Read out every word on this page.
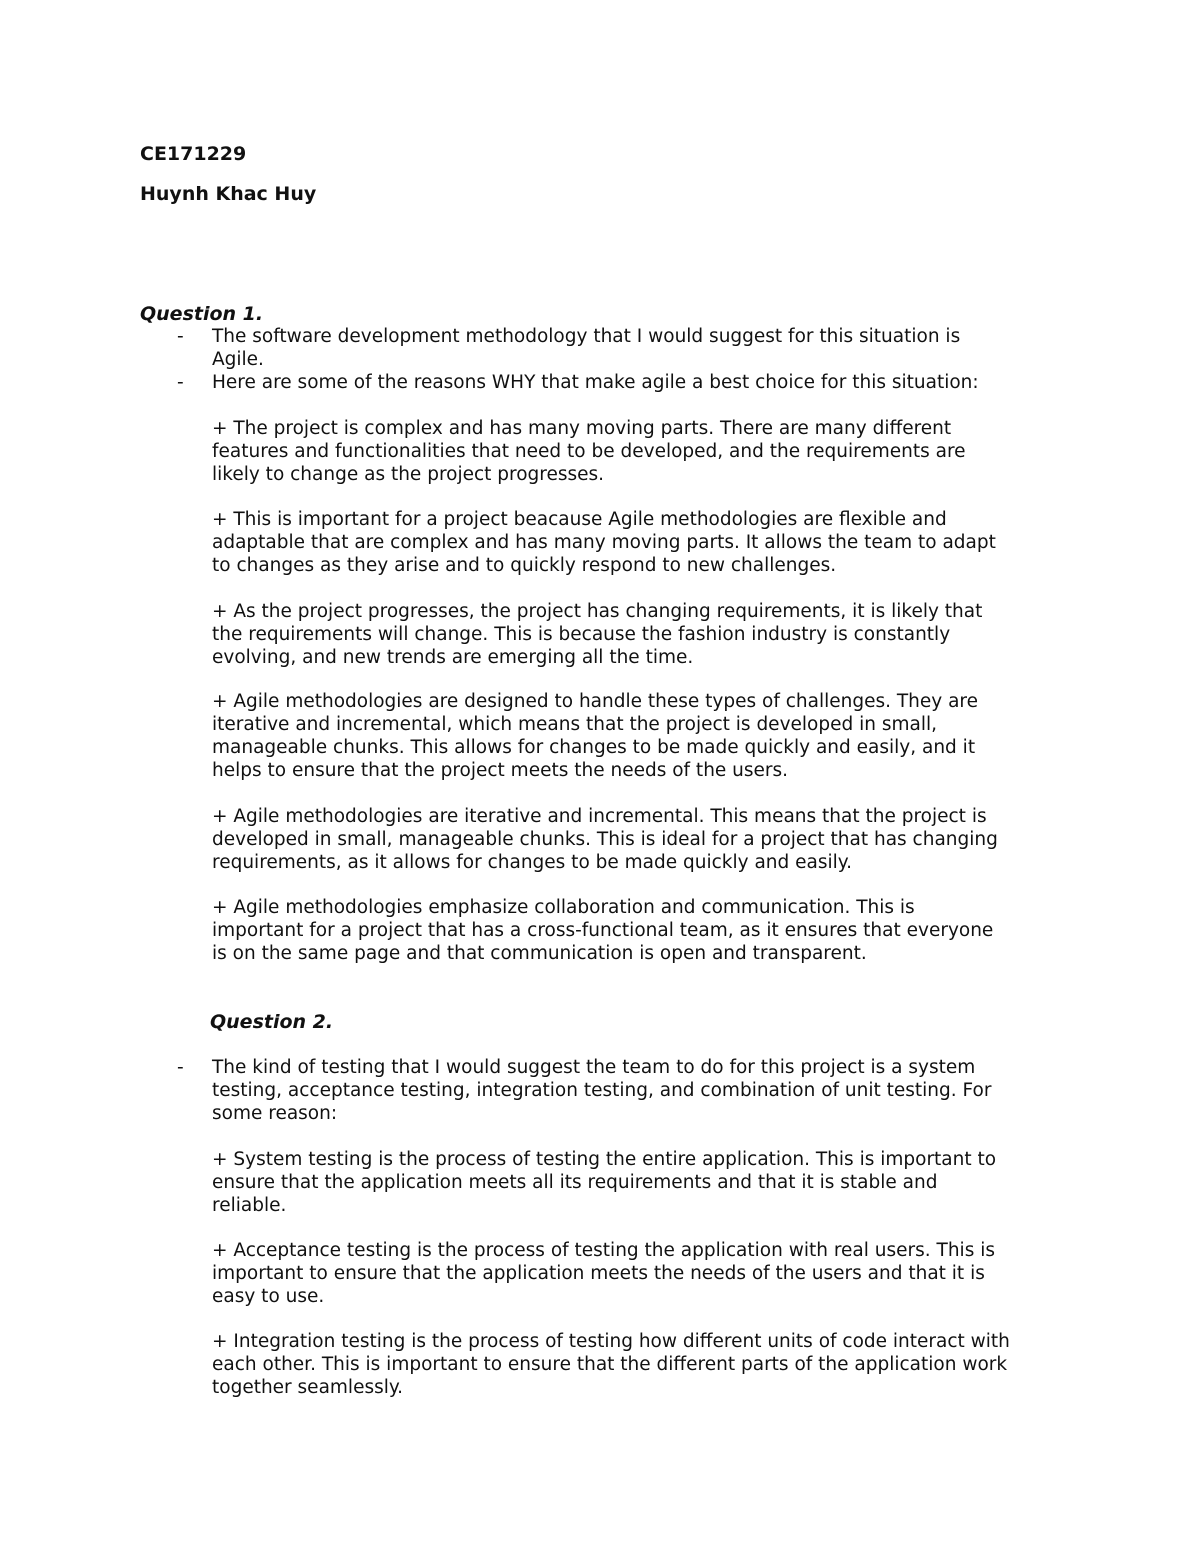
CE171229

Huynh Khac Huy

Question 1.

- The software development methodology that I would suggest for this situation is
Agile.
- Here are some of the reasons WHY that make agile a best choice for this situation:
+ The project is complex and has many moving parts. There are many different
features and functionalities that need to be developed, and the requirements are
likely to change as the project progresses.
+ This is important for a project beacause Agile methodologies are flexible and
adaptable that are complex and has many moving parts. It allows the team to adapt
to changes as they arise and to quickly respond to new challenges.
+ As the project progresses, the project has changing requirements, it is likely that
the requirements will change. This is because the fashion industry is constantly
evolving, and new trends are emerging all the time.
+ Agile methodologies are designed to handle these types of challenges. They are
iterative and incremental, which means that the project is developed in small,
manageable chunks. This allows for changes to be made quickly and easily, and it
helps to ensure that the project meets the needs of the users.
+ Agile methodologies are iterative and incremental. This means that the project is
developed in small, manageable chunks. This is ideal for a project that has changing
requirements, as it allows for changes to be made quickly and easily.
+ Agile methodologies emphasize collaboration and communication. This is
important for a project that has a cross-functional team, as it ensures that everyone
is on the same page and that communication is open and transparent.

Question 2.

- The kind of testing that I would suggest the team to do for this project is a system
testing, acceptance testing, integration testing, and combination of unit testing. For
some reason:
+ System testing is the process of testing the entire application. This is important to
ensure that the application meets all its requirements and that it is stable and
reliable.
+ Acceptance testing is the process of testing the application with real users. This is
important to ensure that the application meets the needs of the users and that it is
easy to use.
+ Integration testing is the process of testing how different units of code interact with
each other. This is important to ensure that the different parts of the application work
together seamlessly.
